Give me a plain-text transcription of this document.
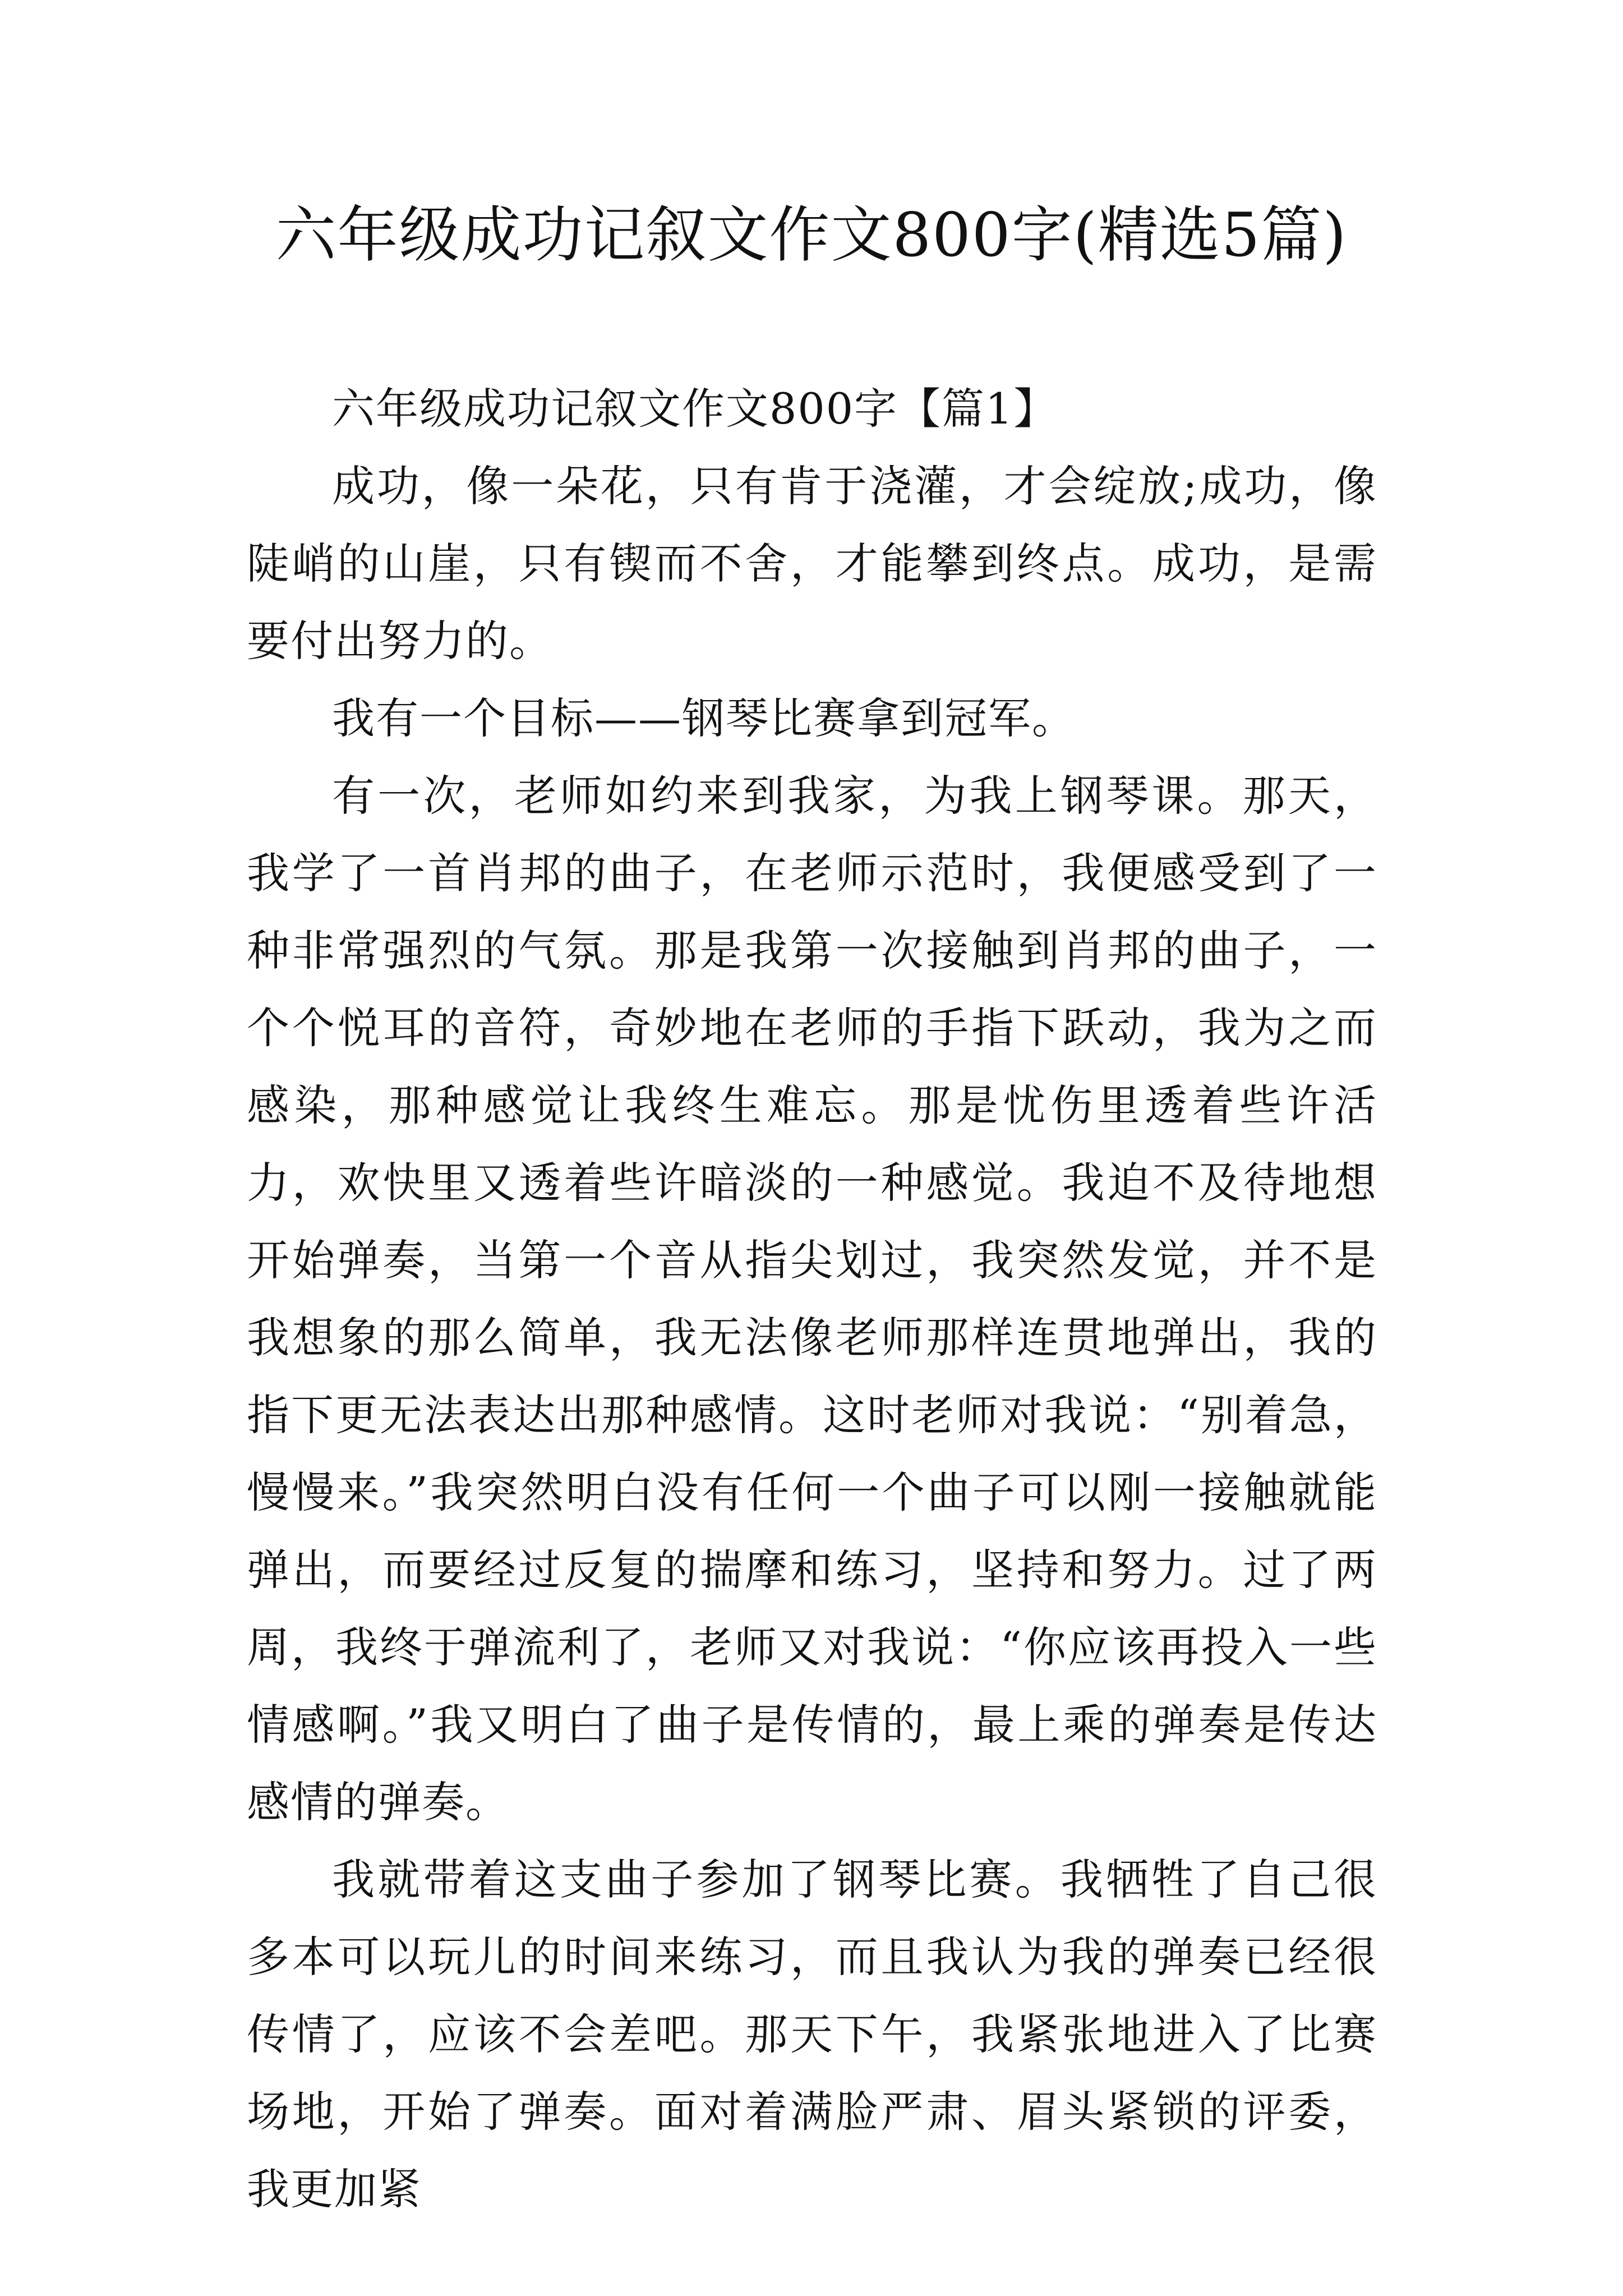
六年级成功记叙文作文800字(精选5篇)

六年级成功记叙文作文800字【篇1】

成功，像一朵花，只有肯于浇灌，才会绽放;成功，像陡峭的山崖，只有锲而不舍，才能攀到终点。成功，是需要付出努力的。

我有一个目标——钢琴比赛拿到冠军。

有一次，老师如约来到我家，为我上钢琴课。那天，我学了一首肖邦的曲子，在老师示范时，我便感受到了一种非常强烈的气氛。那是我第一次接触到肖邦的曲子，一个个悦耳的音符，奇妙地在老师的手指下跃动，我为之而感染，那种感觉让我终生难忘。那是忧伤里透着些许活力，欢快里又透着些许暗淡的一种感觉。我迫不及待地想开始弹奏，当第一个音从指尖划过，我突然发觉，并不是我想象的那么简单，我无法像老师那样连贯地弹出，我的指下更无法表达出那种感情。这时老师对我说：“别着急，慢慢来。”我突然明白没有任何一个曲子可以刚一接触就能弹出，而要经过反复的揣摩和练习，坚持和努力。过了两周，我终于弹流利了，老师又对我说：“你应该再投入一些情感啊。”我又明白了曲子是传情的，最上乘的弹奏是传达感情的弹奏。

我就带着这支曲子参加了钢琴比赛。我牺牲了自己很多本可以玩儿的时间来练习，而且我认为我的弹奏已经很传情了，应该不会差吧。那天下午，我紧张地进入了比赛场地，开始了弹奏。面对着满脸严肃、眉头紧锁的评委，我更加紧
